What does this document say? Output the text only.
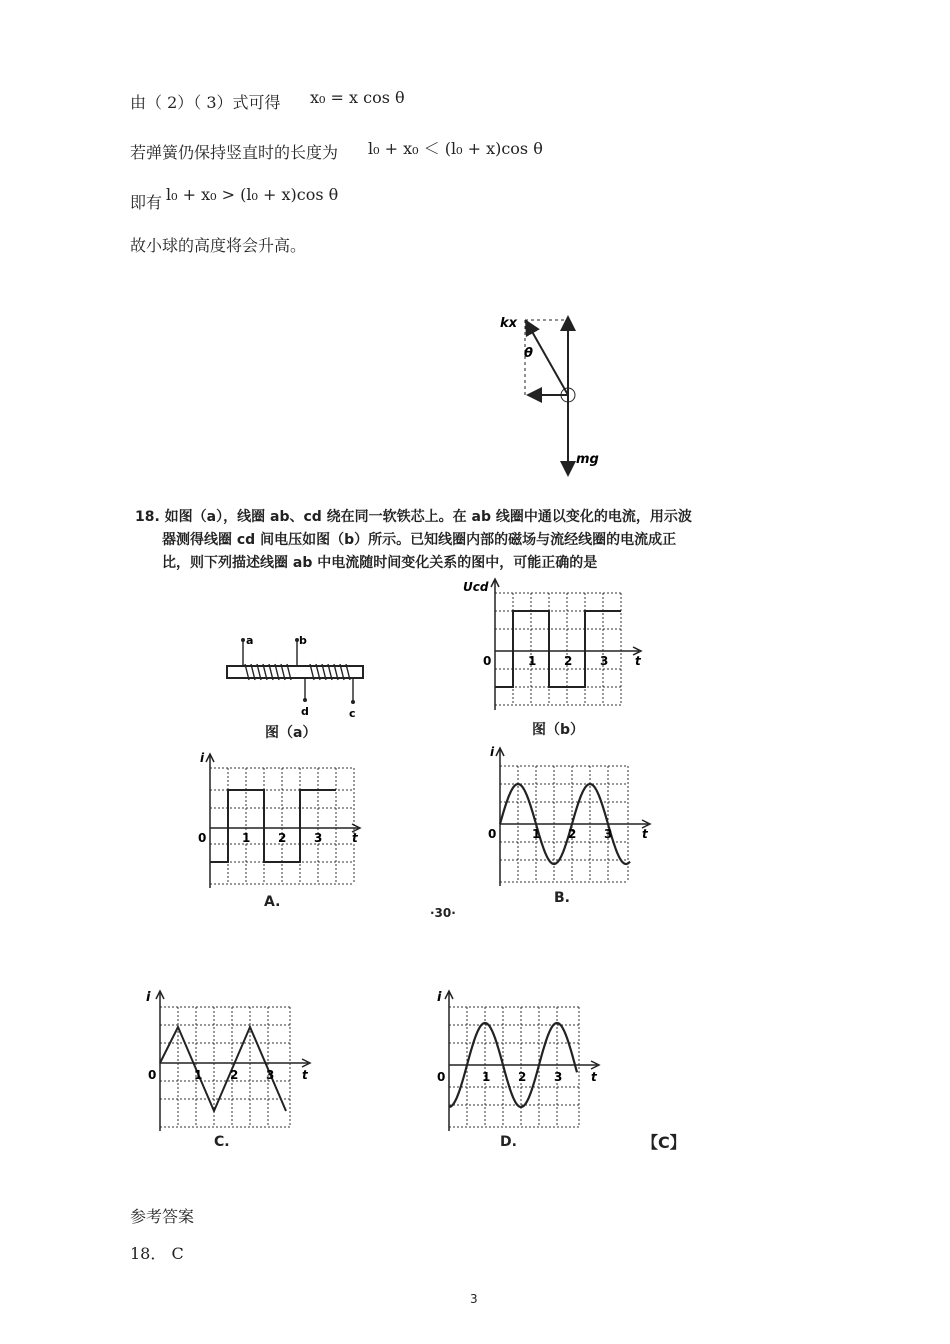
由（ 2）（ 3）式可得 x₀ = x cos θ
若弹簧仍保持竖直时的长度为 l₀ + x₀ ＜ (l₀ + x)cos θ
即有 l₀ + x₀ > (l₀ + x)cos θ
故小球的高度将会升高。
kx
θ
mg
18. 如图（a），线圈 ab、cd 绕在同一软铁芯上。在 ab 线圈中通以变化的电流，用示波
器测得线圈 cd 间电压如图（b）所示。已知线圈内部的磁场与流经线圈的电流成正
比，则下列描述线圈 ab 中电流随时间变化关系的图中，可能正确的是
a	b
d	c
图（a）
Ucd
0	1 2 3 t
图（b）
i
0	1 2 3 t
A.
i
0	1 2 3 t
B.
·30·
i
0	1 2 3 t
C.
i
0	1 2 3 t
D.	【C】
参考答案
18． C
3
